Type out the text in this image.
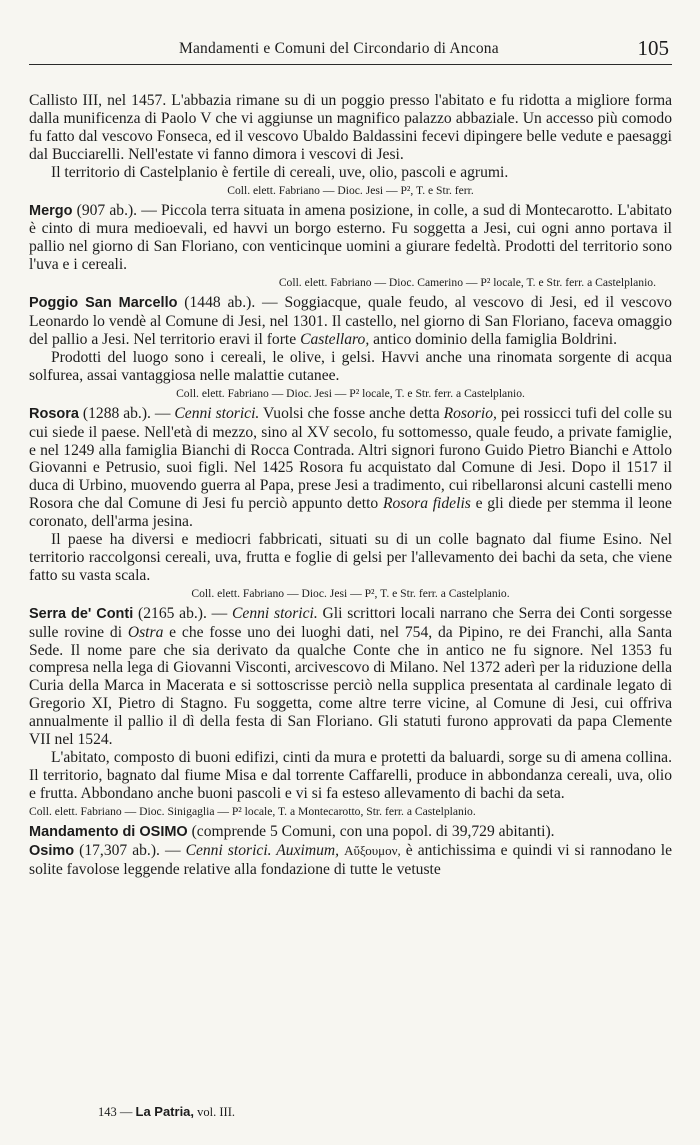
Mandamenti e Comuni del Circondario di Ancona	105

Callisto III, nel 1457. L'abbazia rimane su di un poggio presso l'abitato e fu ridotta a migliore forma dalla munificenza di Paolo V che vi aggiunse un magnifico palazzo abbaziale. Un accesso più comodo fu fatto dal vescovo Fonseca, ed il vescovo Ubaldo Baldassini fecevi dipingere belle vedute e paesaggi dal Bucciarelli. Nell'estate vi fanno dimora i vescovi di Jesi.

Il territorio di Castelplanio è fertile di cereali, uve, olio, pascoli e agrumi.

Coll. elett. Fabriano — Dioc. Jesi — P², T. e Str. ferr.

Mergo (907 ab.). — Piccola terra situata in amena posizione, in colle, a sud di Montecarotto. L'abitato è cinto di mura medioevali, ed havvi un borgo esterno. Fu soggetta a Jesi, cui ogni anno portava il pallio nel giorno di San Floriano, con venticinque uomini a giurare fedeltà. Prodotti del territorio sono l'uva e i cereali.

Coll. elett. Fabriano — Dioc. Camerino — P² locale, T. e Str. ferr. a Castelplanio.

Poggio San Marcello (1448 ab.). — Soggiacque, quale feudo, al vescovo di Jesi, ed il vescovo Leonardo lo vendè al Comune di Jesi, nel 1301. Il castello, nel giorno di San Floriano, faceva omaggio del pallio a Jesi. Nel territorio eravi il forte Castellaro, antico dominio della famiglia Boldrini.

Prodotti del luogo sono i cereali, le olive, i gelsi. Havvi anche una rinomata sorgente di acqua solfurea, assai vantaggiosa nelle malattie cutanee.

Coll. elett. Fabriano — Dioc. Jesi — P² locale, T. e Str. ferr. a Castelplanio.

Rosora (1288 ab.). — Cenni storici. Vuolsi che fosse anche detta Rosorio, pei rossicci tufi del colle su cui siede il paese. Nell'età di mezzo, sino al XV secolo, fu sottomesso, quale feudo, a private famiglie, e nel 1249 alla famiglia Bianchi di Rocca Contrada. Altri signori furono Guido Pietro Bianchi e Attolo Giovanni e Petrusio, suoi figli. Nel 1425 Rosora fu acquistato dal Comune di Jesi. Dopo il 1517 il duca di Urbino, muovendo guerra al Papa, prese Jesi a tradimento, cui ribellaronsi alcuni castelli meno Rosora che dal Comune di Jesi fu perciò appunto detto Rosora fidelis e gli diede per stemma il leone coronato, dell'arma jesina.

Il paese ha diversi e mediocri fabbricati, situati su di un colle bagnato dal fiume Esino. Nel territorio raccolgonsi cereali, uva, frutta e foglie di gelsi per l'allevamento dei bachi da seta, che viene fatto su vasta scala.

Coll. elett. Fabriano — Dioc. Jesi — P², T. e Str. ferr. a Castelplanio.

Serra de' Conti (2165 ab.). — Cenni storici. Gli scrittori locali narrano che Serra dei Conti sorgesse sulle rovine di Ostra e che fosse uno dei luoghi dati, nel 754, da Pipino, re dei Franchi, alla Santa Sede. Il nome pare che sia derivato da qualche Conte che in antico ne fu signore. Nel 1353 fu compresa nella lega di Giovanni Visconti, arcivescovo di Milano. Nel 1372 aderì per la riduzione della Curia della Marca in Macerata e si sottoscrisse perciò nella supplica presentata al cardinale legato di Gregorio XI, Pietro di Stagno. Fu soggetta, come altre terre vicine, al Comune di Jesi, cui offriva annualmente il pallio il dì della festa di San Floriano. Gli statuti furono approvati da papa Clemente VII nel 1524.

L'abitato, composto di buoni edifizi, cinti da mura e protetti da baluardi, sorge su di amena collina. Il territorio, bagnato dal fiume Misa e dal torrente Caffarelli, produce in abbondanza cereali, uva, olio e frutta. Abbondano anche buoni pascoli e vi si fa esteso allevamento di bachi da seta.

Coll. elett. Fabriano — Dioc. Sinigaglia — P² locale, T. a Montecarotto, Str. ferr. a Castelplanio.

Mandamento di OSIMO (comprende 5 Comuni, con una popol. di 39,729 abitanti).

Osimo (17,307 ab.). — Cenni storici. Auximum, Αὔξουμον, è antichissima e quindi vi si rannodano le solite favolose leggende relative alla fondazione di tutte le vetuste

143 — La Patria, vol. III.
